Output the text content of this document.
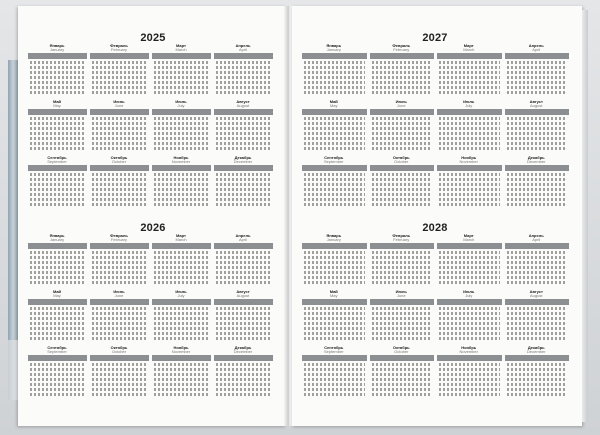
2025
2026
Январь
January
Февраль
February
Март
March
Апрель
April
Май
May
Июнь
June
Июль
July
Август
August
Сентябрь
September
Октябрь
October
Ноябрь
November
Декабрь
December
Январь
January
Февраль
February
Март
March
Апрель
April
Май
May
Июнь
June
Июль
July
Август
August
Сентябрь
September
Октябрь
October
Ноябрь
November
Декабрь
December
2027
2028
Январь
January
Февраль
February
Март
March
Апрель
April
Май
May
Июнь
June
Июль
July
Август
August
Сентябрь
September
Октябрь
October
Ноябрь
November
Декабрь
December
Январь
January
Февраль
February
Март
March
Апрель
April
Май
May
Июнь
June
Июль
July
Август
August
Сентябрь
September
Октябрь
October
Ноябрь
November
Декабрь
December
